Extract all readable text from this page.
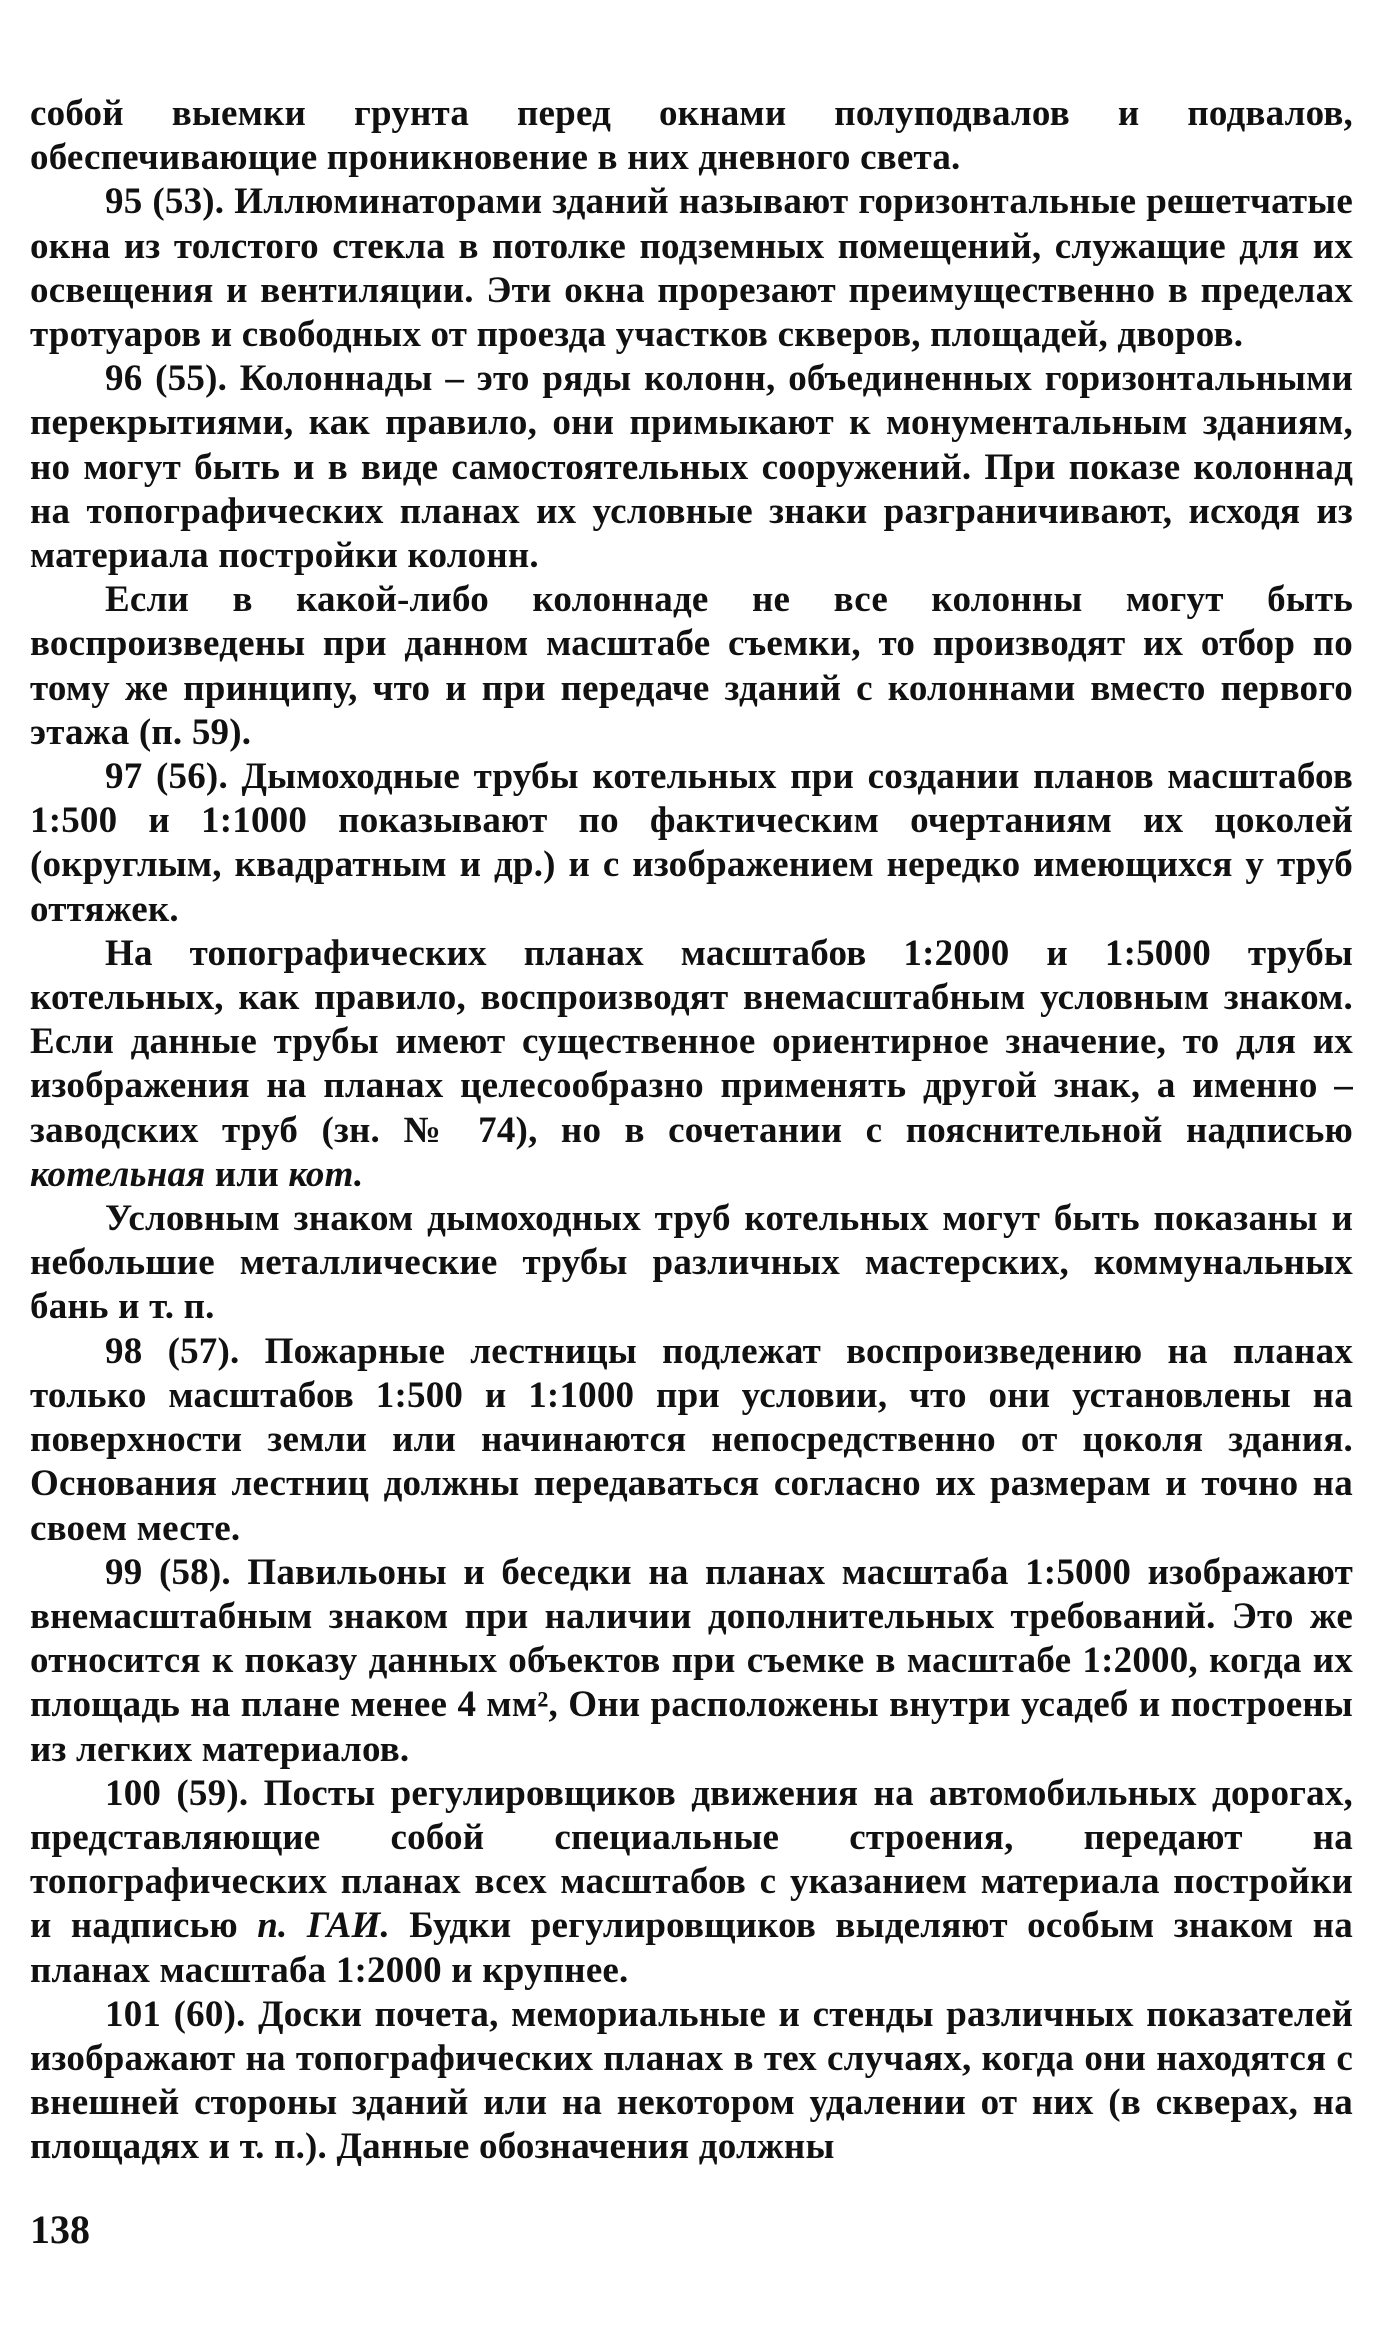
собой выемки грунта перед окнами полуподвалов и подвалов, обеспечивающие проникновение в них дневного света.

95 (53). Иллюминаторами зданий называют горизонтальные решетчатые окна из толстого стекла в потолке подземных помещений, служащие для их освещения и вентиляции. Эти окна прорезают преимущественно в пределах тротуаров и свободных от проезда участков скверов, площадей, дворов.

96 (55). Колоннады – это ряды колонн, объединенных горизонтальными перекрытиями, как правило, они примыкают к монументальным зданиям, но могут быть и в виде самостоятельных сооружений. При показе колоннад на топографических планах их условные знаки разграничивают, исходя из материала постройки колонн.

Если в какой-либо колоннаде не все колонны могут быть воспроизведены при данном масштабе съемки, то производят их отбор по тому же принципу, что и при передаче зданий с колоннами вместо первого этажа (п. 59).

97 (56). Дымоходные трубы котельных при создании планов масштабов 1:500 и 1:1000 показывают по фактическим очертаниям их цоколей (округлым, квадратным и др.) и с изображением нередко имеющихся у труб оттяжек.

На топографических планах масштабов 1:2000 и 1:5000 трубы котельных, как правило, воспроизводят внемасштабным условным знаком. Если данные трубы имеют существенное ориентирное значение, то для их изображения на планах целесообразно применять другой знак, а именно – заводских труб (зн. № 74), но в сочетании с пояснительной надписью котельная или кот.

Условным знаком дымоходных труб котельных могут быть показаны и небольшие металлические трубы различных мастерских, коммунальных бань и т. п.

98 (57). Пожарные лестницы подлежат воспроизведению на планах только масштабов 1:500 и 1:1000 при условии, что они установлены на поверхности земли или начинаются непосредственно от цоколя здания. Основания лестниц должны передаваться согласно их размерам и точно на своем месте.

99 (58). Павильоны и беседки на планах масштаба 1:5000 изображают внемасштабным знаком при наличии дополнительных требований. Это же относится к показу данных объектов при съемке в масштабе 1:2000, когда их площадь на плане менее 4 мм², Они расположены внутри усадеб и построены из легких материалов.

100 (59). Посты регулировщиков движения на автомобильных дорогах, представляющие собой специальные строения, передают на топографических планах всех масштабов с указанием материала постройки и надписью п. ГАИ. Будки регулировщиков выделяют особым знаком на планах масштаба 1:2000 и крупнее.

101 (60). Доски почета, мемориальные и стенды различных показателей изображают на топографических планах в тех случаях, когда они находятся с внешней стороны зданий или на некотором удалении от них (в скверах, на площадях и т. п.). Данные обозначения должны

138
